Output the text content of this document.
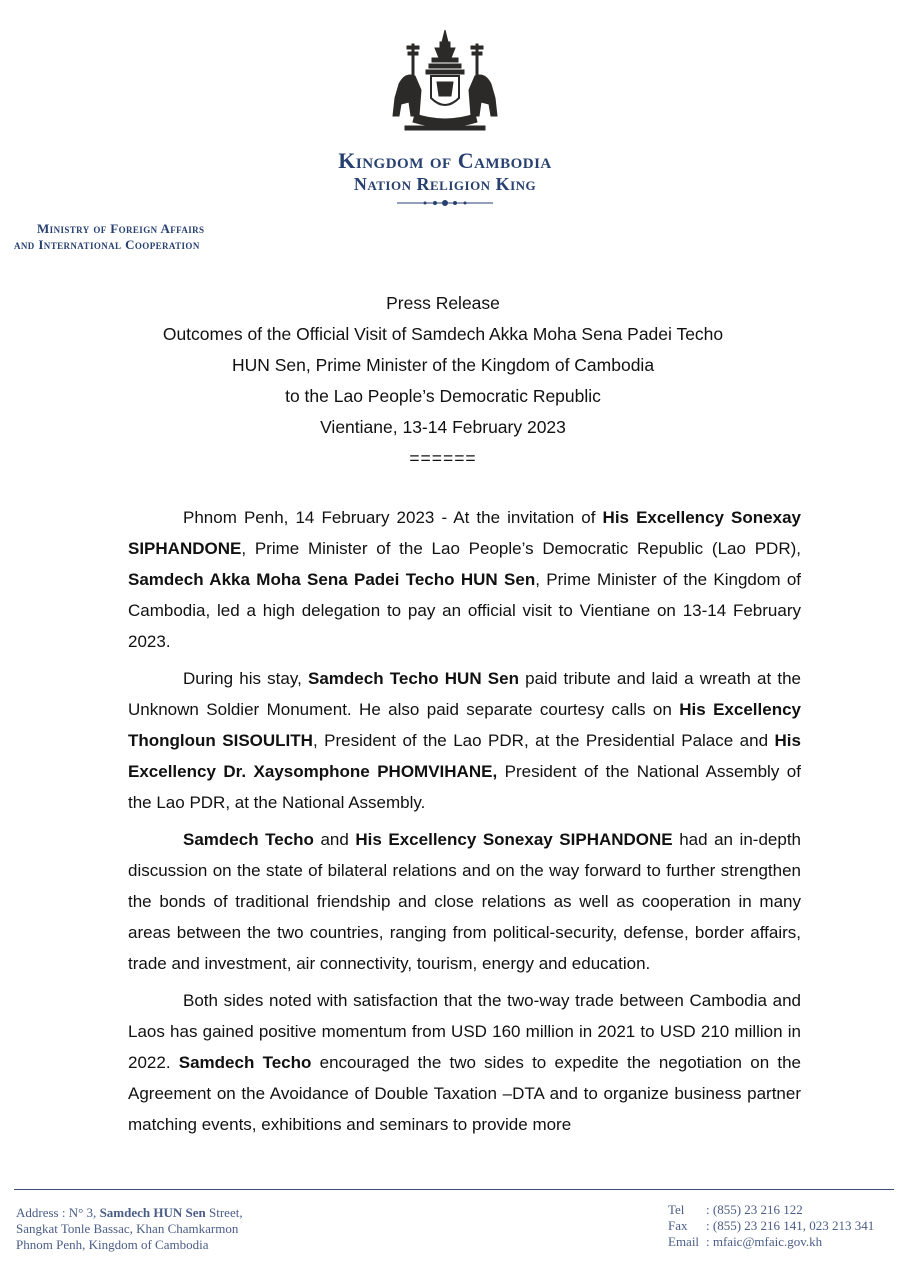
Kingdom of Cambodia
Nation Religion King
Ministry of Foreign Affairs
and International Cooperation
Press Release
Outcomes of the Official Visit of Samdech Akka Moha Sena Padei Techo
HUN Sen, Prime Minister of the Kingdom of Cambodia
to the Lao People’s Democratic Republic
Vientiane, 13-14 February 2023
======

Phnom Penh, 14 February 2023 - At the invitation of His Excellency Sonexay SIPHANDONE, Prime Minister of the Lao People’s Democratic Republic (Lao PDR), Samdech Akka Moha Sena Padei Techo HUN Sen, Prime Minister of the Kingdom of Cambodia, led a high delegation to pay an official visit to Vientiane on 13-14 February 2023.

During his stay, Samdech Techo HUN Sen paid tribute and laid a wreath at the Unknown Soldier Monument. He also paid separate courtesy calls on His Excellency Thongloun SISOULITH, President of the Lao PDR, at the Presidential Palace and His Excellency Dr. Xaysomphone PHOMVIHANE, President of the National Assembly of the Lao PDR, at the National Assembly.

Samdech Techo and His Excellency Sonexay SIPHANDONE had an in-depth discussion on the state of bilateral relations and on the way forward to further strengthen the bonds of traditional friendship and close relations as well as cooperation in many areas between the two countries, ranging from political-security, defense, border affairs, trade and investment, air connectivity, tourism, energy and education.

Both sides noted with satisfaction that the two-way trade between Cambodia and Laos has gained positive momentum from USD 160 million in 2021 to USD 210 million in 2022. Samdech Techo encouraged the two sides to expedite the negotiation on the Agreement on the Avoidance of Double Taxation –DTA and to organize business partner matching events, exhibitions and seminars to provide more

Address : N° 3, Samdech HUN Sen Street,
Sangkat Tonle Bassac, Khan Chamkarmon
Phnom Penh, Kingdom of Cambodia
Tel : (855) 23 216 122
Fax : (855) 23 216 141, 023 213 341
Email : mfaic@mfaic.gov.kh
